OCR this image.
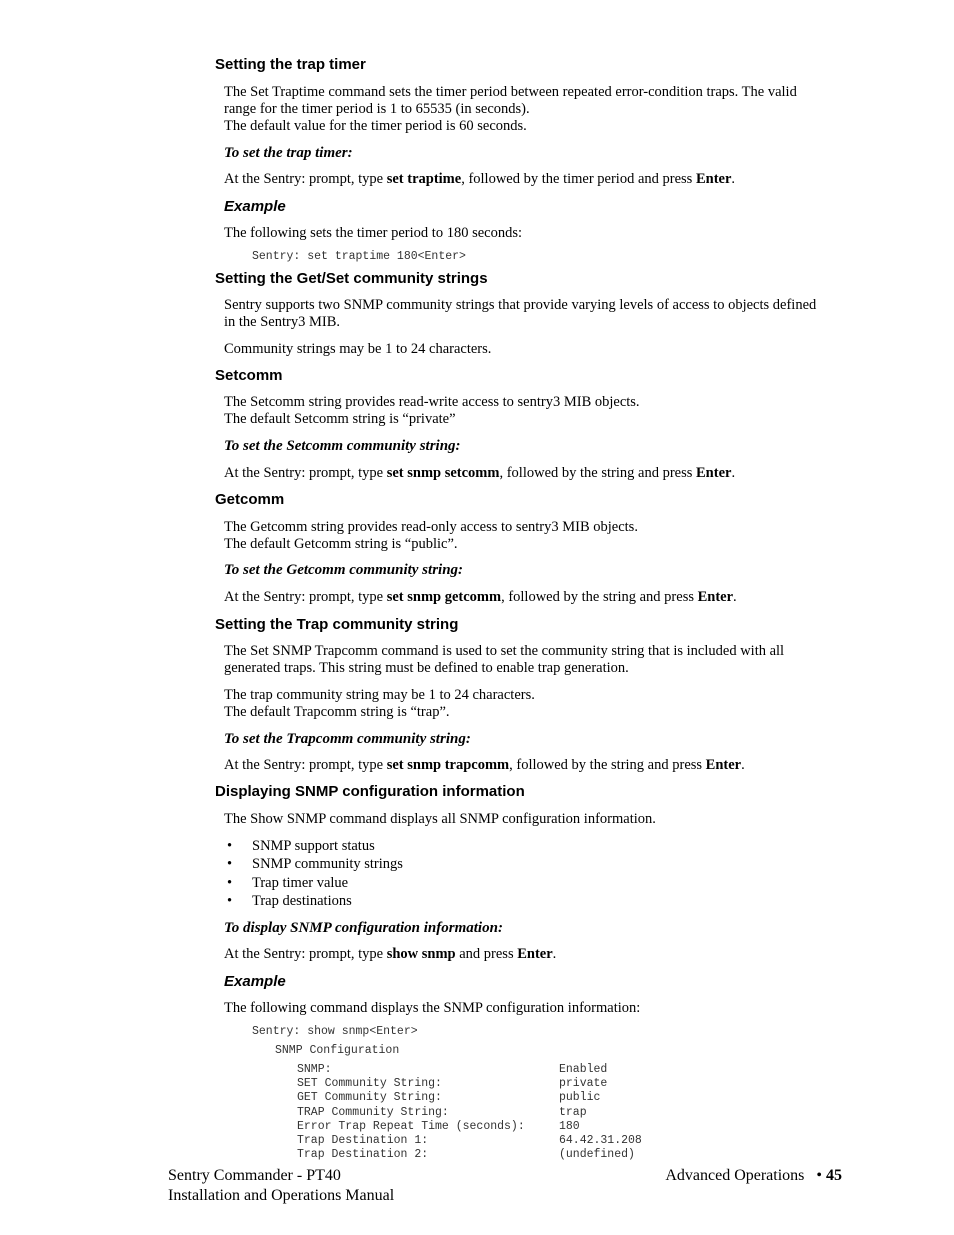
Setting the trap timer

The Set Traptime command sets the timer period between repeated error-condition traps. The valid

range for the timer period is 1 to 65535 (in seconds).

The default value for the timer period is 60 seconds.

To set the trap timer:

At the Sentry: prompt, type set traptime, followed by the timer period and press Enter.

Example

The following sets the timer period to 180 seconds:

Sentry: set traptime 180<Enter>

Setting the Get/Set community strings

Sentry supports two SNMP community strings that provide varying levels of access to objects defined

in the Sentry3 MIB.

Community strings may be 1 to 24 characters.

Setcomm

The Setcomm string provides read-write access to sentry3 MIB objects.

The default Setcomm string is “private”

To set the Setcomm community string:

At the Sentry: prompt, type set snmp setcomm, followed by the string and press Enter.

Getcomm

The Getcomm string provides read-only access to sentry3 MIB objects.

The default Getcomm string is “public”.

To set the Getcomm community string:

At the Sentry: prompt, type set snmp getcomm, followed by the string and press Enter.

Setting the Trap community string

The Set SNMP Trapcomm command is used to set the community string that is included with all

generated traps. This string must be defined to enable trap generation.

The trap community string may be 1 to 24 characters.

The default Trapcomm string is “trap”.

To set the Trapcomm community string:

At the Sentry: prompt, type set snmp trapcomm, followed by the string and press Enter.

Displaying SNMP configuration information

The Show SNMP command displays all SNMP configuration information.

• SNMP support status
• SNMP community strings
• Trap timer value
• Trap destinations

To display SNMP configuration information:

At the Sentry: prompt, type show snmp and press Enter.

Example

The following command displays the SNMP configuration information:

Sentry: show snmp<Enter>

SNMP Configuration

SNMP:	Enabled
SET Community String:	private
GET Community String:	public
TRAP Community String:	trap
Error Trap Repeat Time (seconds):	180
Trap Destination 1:	64.42.31.208
Trap Destination 2:	(undefined)

Sentry Commander - PT40

Installation and Operations Manual

Advanced Operations • 45
